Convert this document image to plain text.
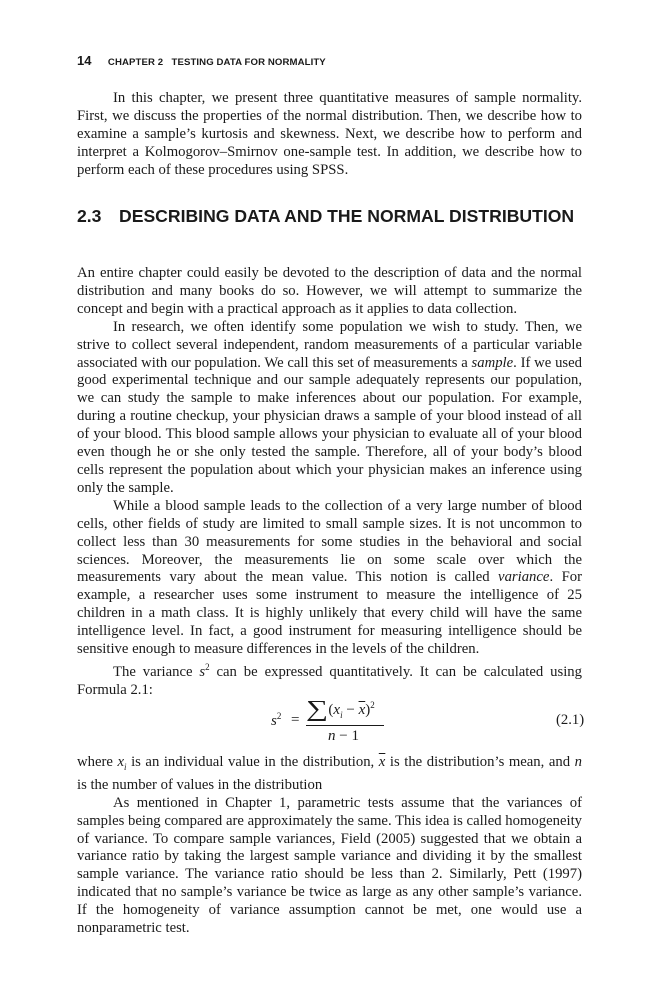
14 CHAPTER 2   TESTING DATA FOR NORMALITY

In this chapter, we present three quantitative measures of sample normality. First, we discuss the properties of the normal distribution. Then, we describe how to examine a sample’s kurtosis and skewness. Next, we describe how to perform and interpret a Kolmogorov–Smirnov one-sample test. In addition, we describe how to perform each of these procedures using SPSS.

2.3 DESCRIBING DATA AND THE NORMAL DISTRIBUTION

An entire chapter could easily be devoted to the description of data and the normal distribution and many books do so. However, we will attempt to summarize the concept and begin with a practical approach as it applies to data collection.

In research, we often identify some population we wish to study. Then, we strive to collect several independent, random measurements of a particular variable associated with our population. We call this set of measurements a sample. If we used good experimental technique and our sample adequately represents our population, we can study the sample to make inferences about our population. For example, during a routine checkup, your physician draws a sample of your blood instead of all of your blood. This blood sample allows your physician to evaluate all of your blood even though he or she only tested the sample. Therefore, all of your body’s blood cells represent the population about which your physician makes an inference using only the sample.

While a blood sample leads to the collection of a very large number of blood cells, other fields of study are limited to small sample sizes. It is not uncommon to collect less than 30 measurements for some studies in the behavioral and social sciences. Moreover, the measurements lie on some scale over which the measurements vary about the mean value. This notion is called variance. For example, a researcher uses some instrument to measure the intelligence of 25 children in a math class. It is highly unlikely that every child will have the same intelligence level. In fact, a good instrument for measuring intelligence should be sensitive enough to measure differences in the levels of the children.

The variance $s^2$ can be expressed quantitatively. It can be calculated using Formula 2.1:

$s^2 = \sum(x_i - \overline{x})^2$
n − 1
(2.1)

where $x_i$ is an individual value in the distribution, $\overline{x}$ is the distribution’s mean, and n is the number of values in the distribution

As mentioned in Chapter 1, parametric tests assume that the variances of samples being compared are approximately the same. This idea is called homogeneity of variance. To compare sample variances, Field (2005) suggested that we obtain a variance ratio by taking the largest sample variance and dividing it by the smallest sample variance. The variance ratio should be less than 2. Similarly, Pett (1997) indicated that no sample’s variance be twice as large as any other sample’s variance. If the homogeneity of variance assumption cannot be met, one would use a nonparametric test.
